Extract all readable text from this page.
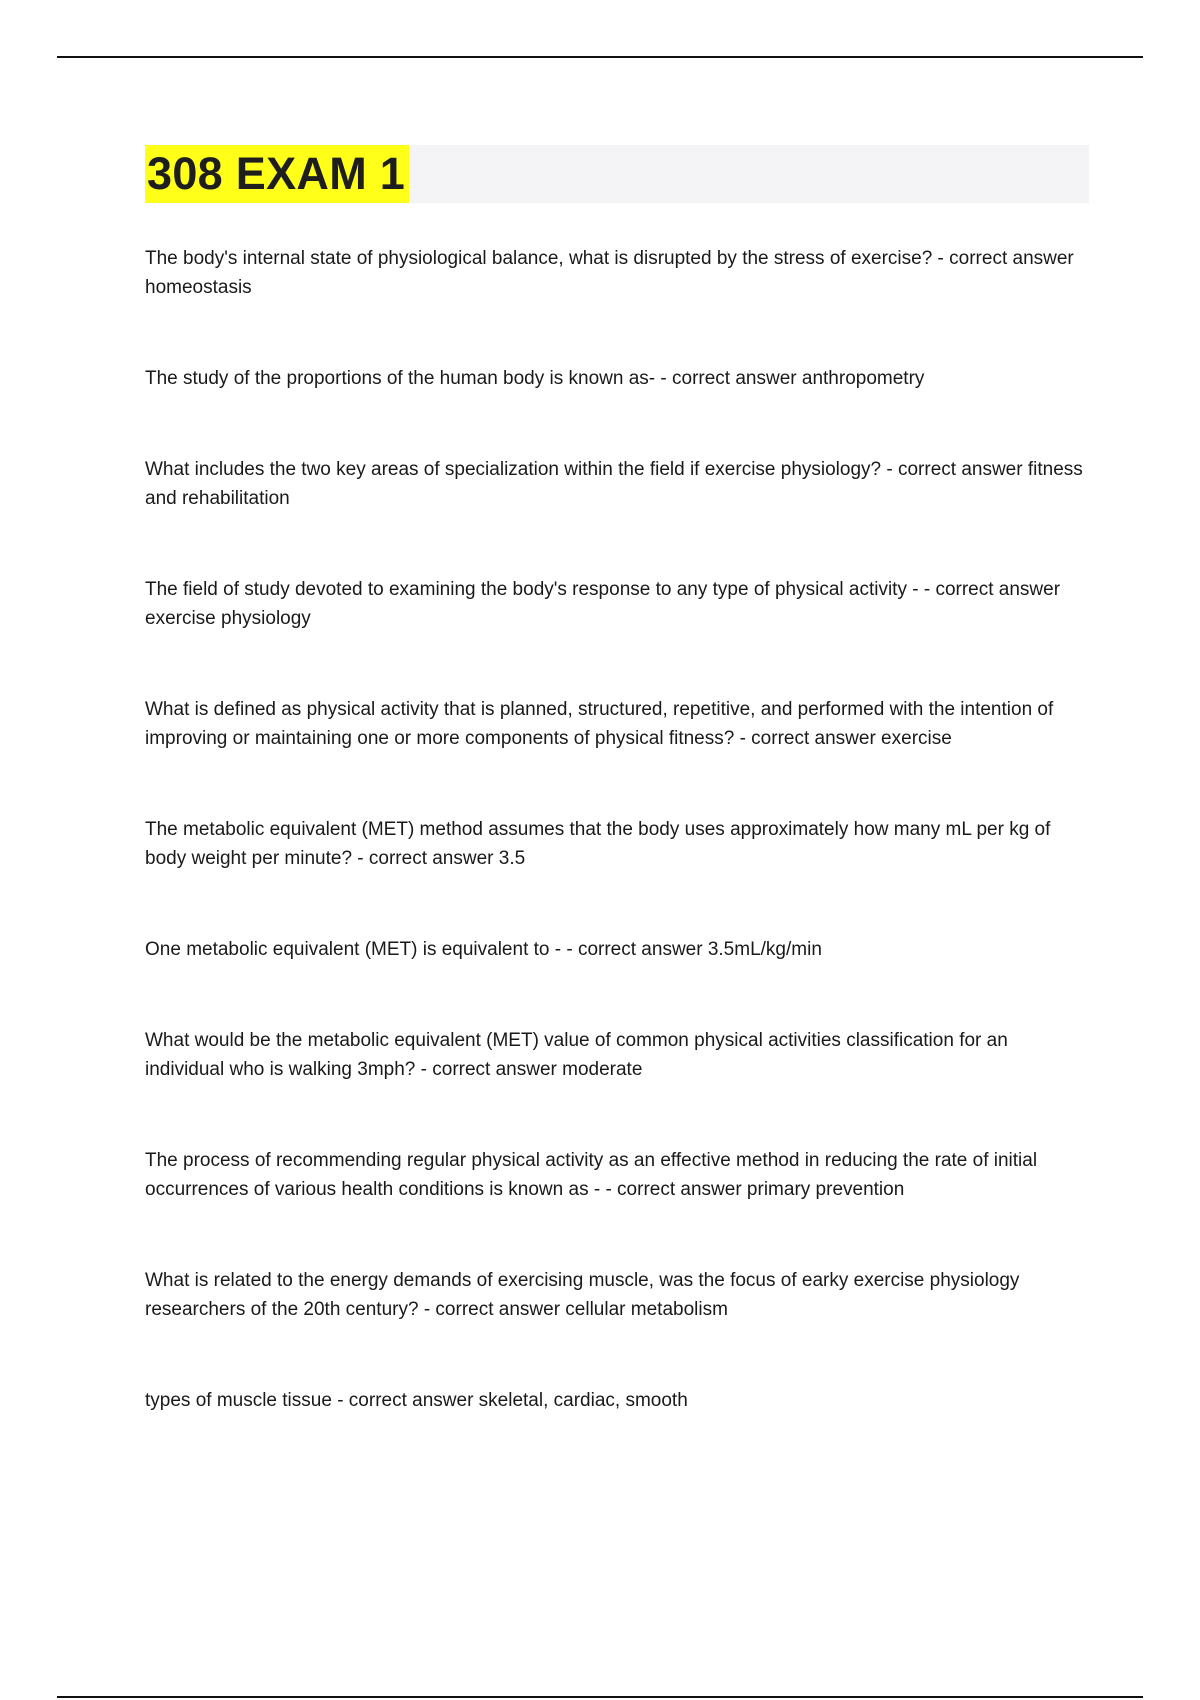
308 EXAM 1
The body's internal state of physiological balance, what is disrupted by the stress of exercise? - correct answer homeostasis
The study of the proportions of the human body is known as- - correct answer anthropometry
What includes the two key areas of specialization within the field if exercise physiology? - correct answer fitness and rehabilitation
The field of study devoted to examining the body's response to any type of physical activity - - correct answer exercise physiology
What is defined as physical activity that is planned, structured, repetitive, and performed with the intention of improving or maintaining one or more components of physical fitness? - correct answer exercise
The metabolic equivalent (MET) method assumes that the body uses approximately how many mL per kg of body weight per minute? - correct answer 3.5
One metabolic equivalent (MET) is equivalent to - - correct answer 3.5mL/kg/min
What would be the metabolic equivalent (MET) value of common physical activities classification for an individual who is walking 3mph? - correct answer moderate
The process of recommending regular physical activity as an effective method in reducing the rate of initial occurrences of various health conditions is known as - - correct answer primary prevention
What is related to the energy demands of exercising muscle, was the focus of earky exercise physiology researchers of the 20th century? - correct answer cellular metabolism
types of muscle tissue - correct answer skeletal, cardiac, smooth
